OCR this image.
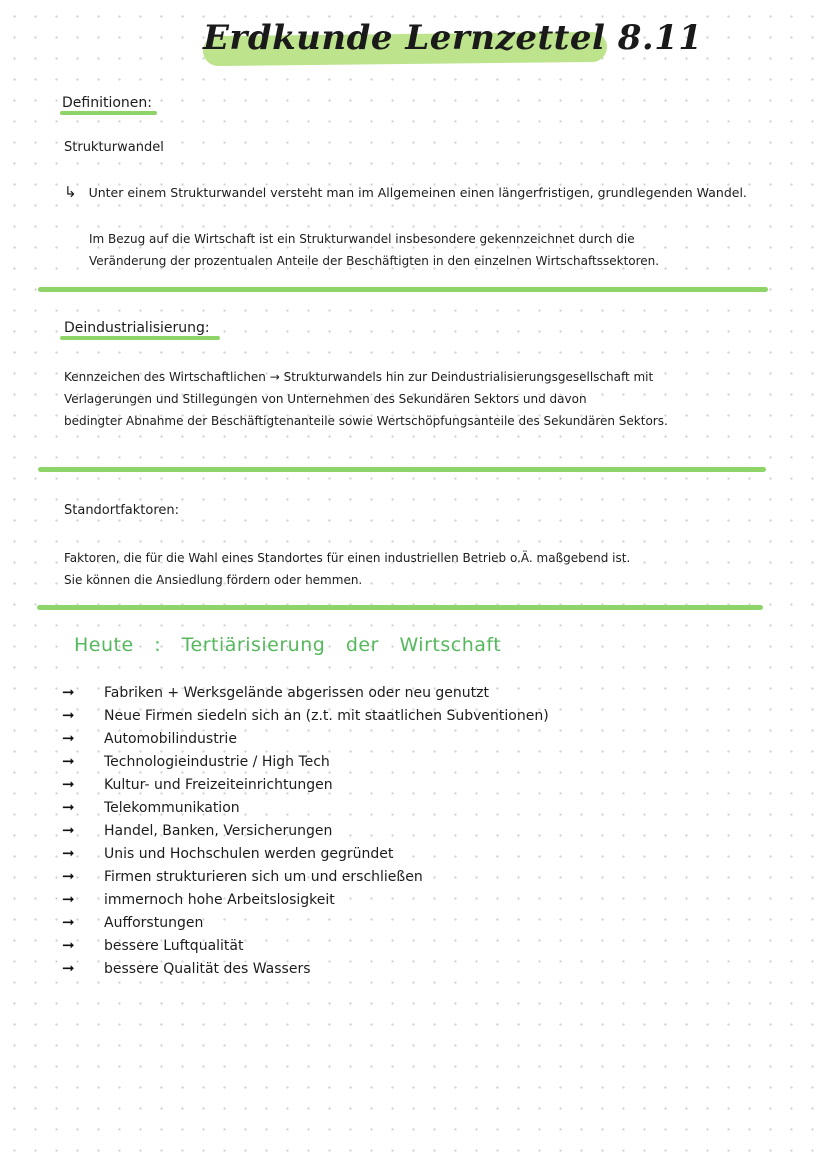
Erdkunde Lernzettel 8.11
Definitionen:
Strukturwandel
↳ Unter einem Strukturwandel versteht man im Allgemeinen einen längerfristigen, grundlegenden Wandel.
Im Bezug auf die Wirtschaft ist ein Strukturwandel insbesondere gekennzeichnet durch die
Veränderung der prozentualen Anteile der Beschäftigten in den einzelnen Wirtschaftssektoren.
Deindustrialisierung:
Kennzeichen des Wirtschaftlichen → Strukturwandels hin zur Deindustrialisierungsgesellschaft mit
Verlagerungen und Stillegungen von Unternehmen des Sekundären Sektors und davon
bedingter Abnahme der Beschäftigtenanteile sowie Wertschöpfungsanteile des Sekundären Sektors.
Standortfaktoren:
Faktoren, die für die Wahl eines Standortes für einen industriellen Betrieb o.Ä. maßgebend ist.
Sie können die Ansiedlung fördern oder hemmen.
Heute : Tertiärisierung der Wirtschaft
➞ Fabriken + Werksgelände abgerissen oder neu genutzt
➞ Neue Firmen siedeln sich an (z.t. mit staatlichen Subventionen)
➞ Automobilindustrie
➞ Technologieindustrie / High Tech
➞ Kultur- und Freizeiteinrichtungen
➞ Telekommunikation
➞ Handel, Banken, Versicherungen
➞ Unis und Hochschulen werden gegründet
➞ Firmen strukturieren sich um und erschließen
➞ immernoch hohe Arbeitslosigkeit
➞ Aufforstungen
➞ bessere Luftqualität
➞ bessere Qualität des Wassers
